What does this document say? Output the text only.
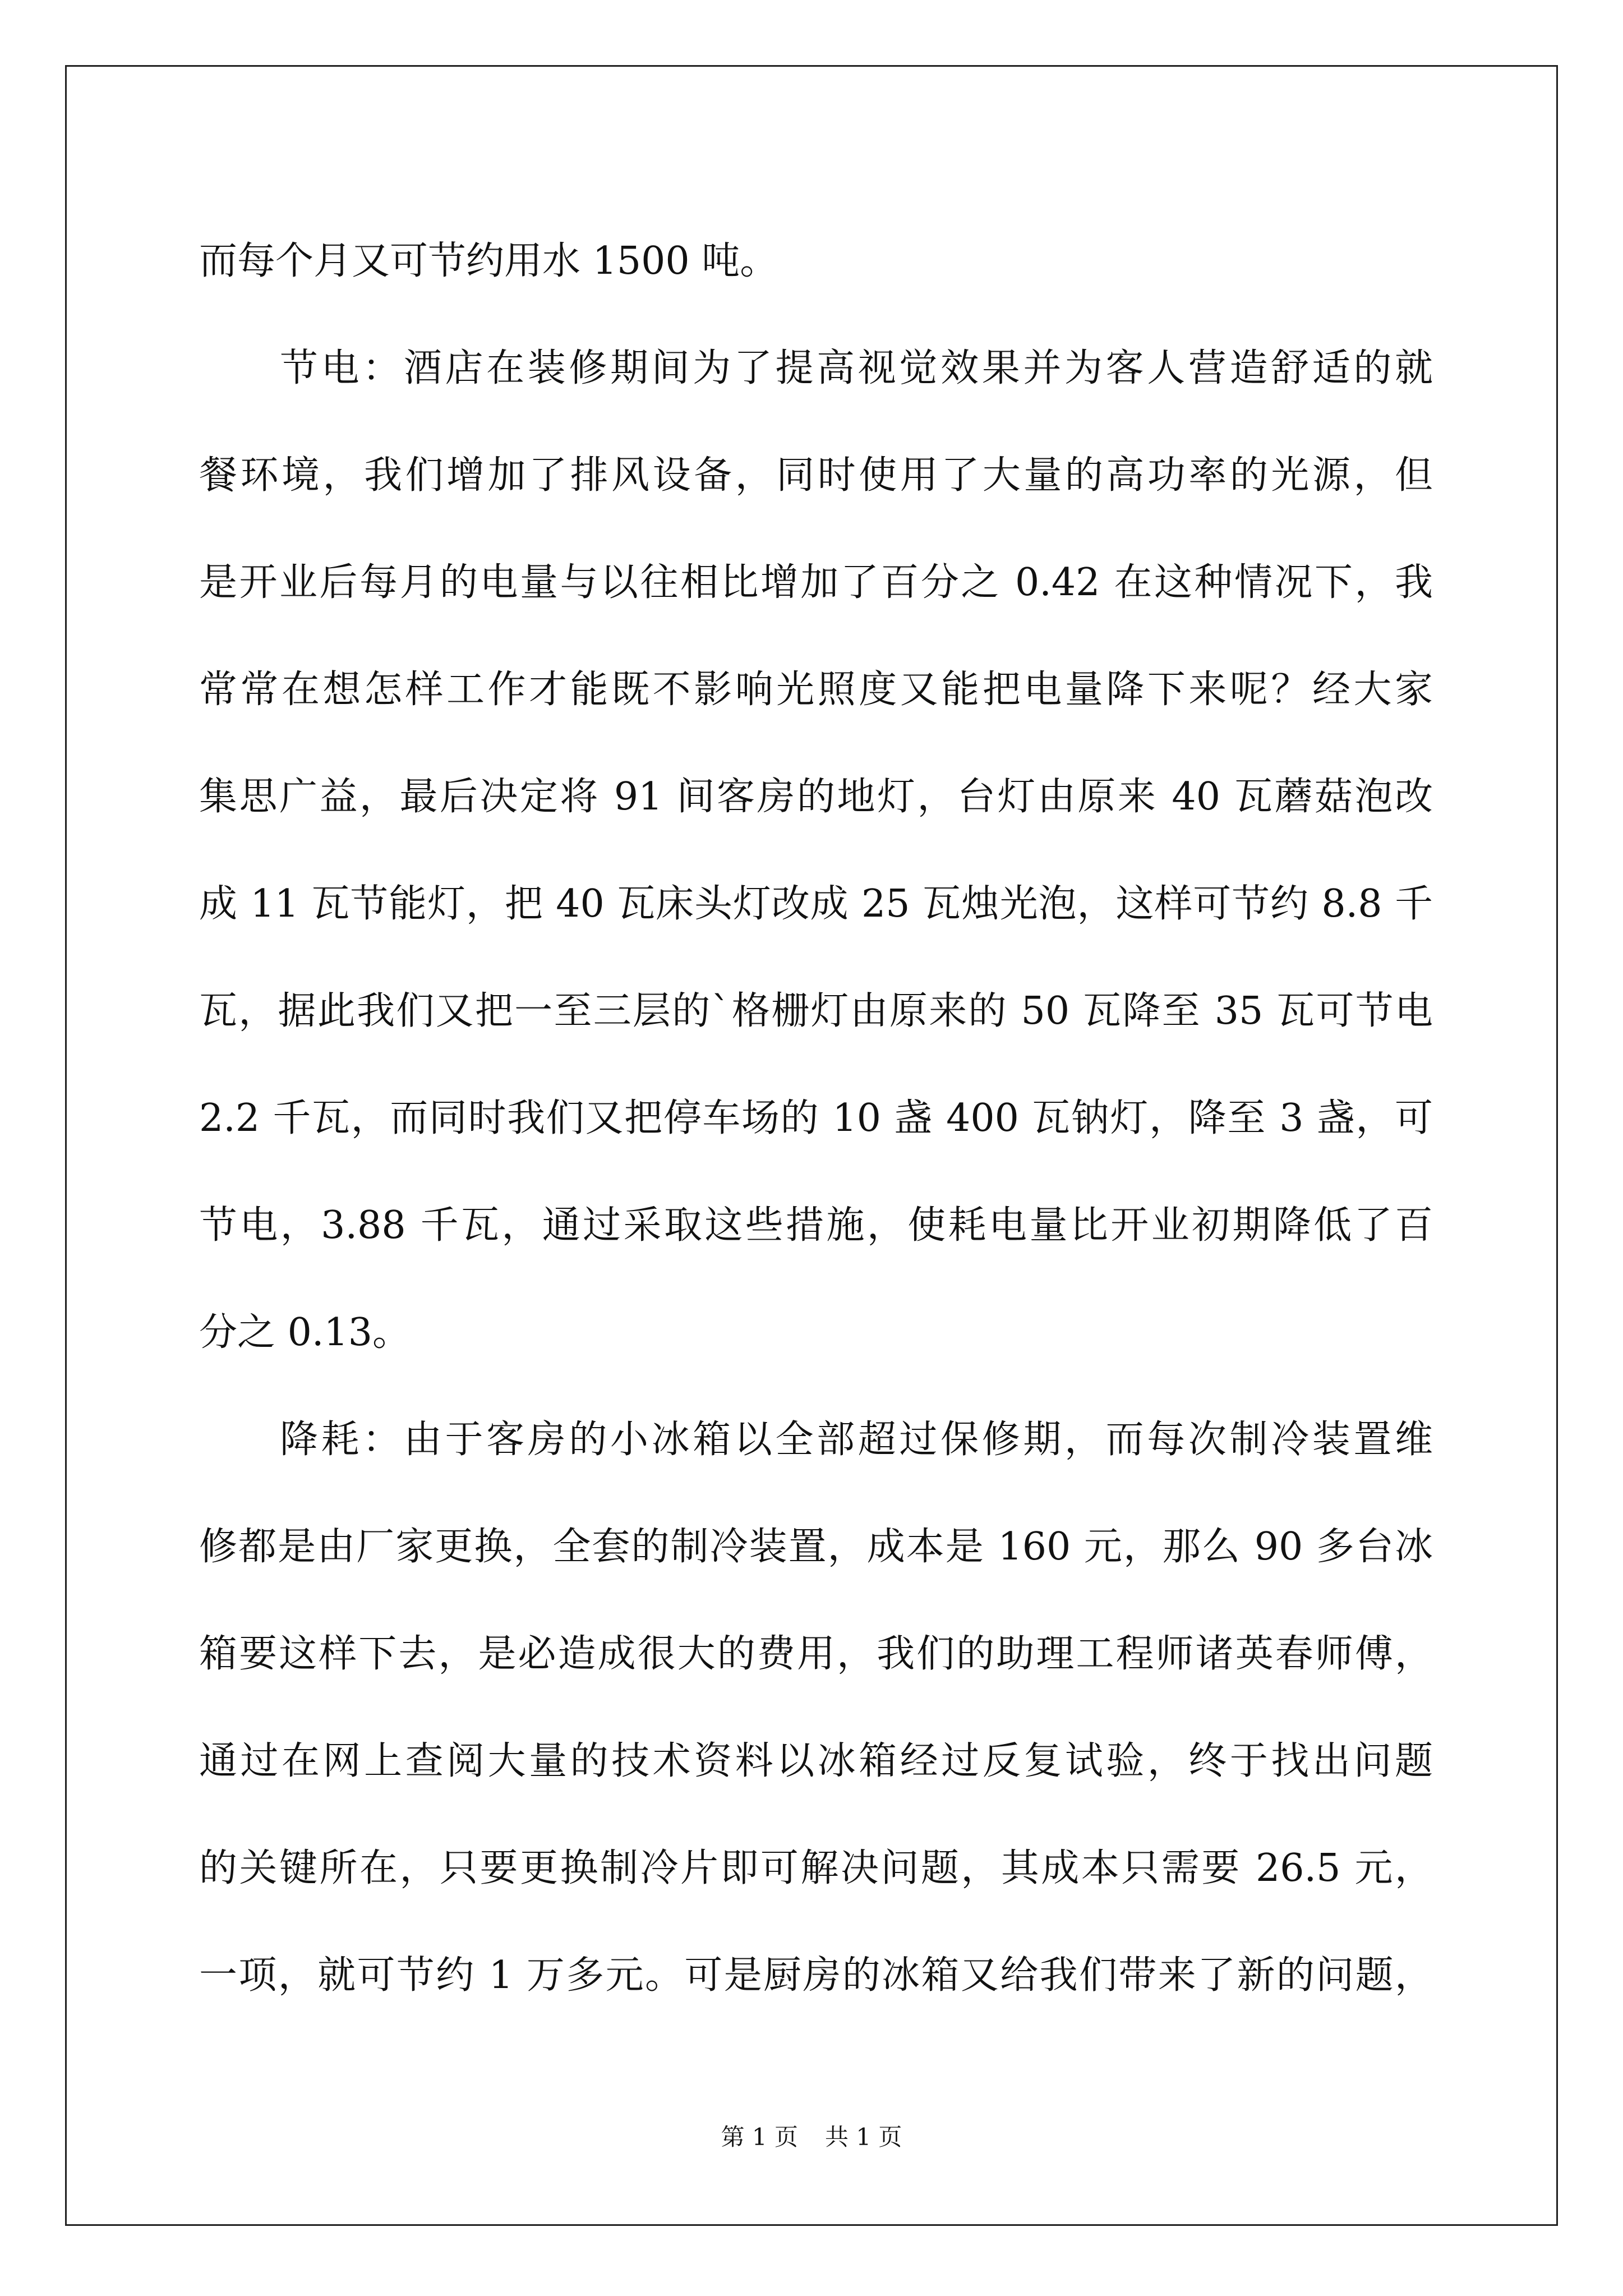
而每个月又可节约用水 1500 吨。
节电：酒店在装修期间为了提高视觉效果并为客人营造舒适的就
餐环境，我们增加了排风设备，同时使用了大量的高功率的光源，但
是开业后每月的电量与以往相比增加了百分之 0.42 在这种情况下，我
常常在想怎样工作才能既不影响光照度又能把电量降下来呢？经大家
集思广益，最后决定将 91 间客房的地灯，台灯由原来 40 瓦蘑菇泡改
成 11 瓦节能灯，把 40 瓦床头灯改成 25 瓦烛光泡，这样可节约 8.8 千
瓦，据此我们又把一至三层的`格栅灯由原来的 50 瓦降至 35 瓦可节电
2.2 千瓦，而同时我们又把停车场的 10 盏 400 瓦钠灯，降至 3 盏，可
节电，3.88 千瓦，通过采取这些措施，使耗电量比开业初期降低了百
分之 0.13。
降耗：由于客房的小冰箱以全部超过保修期，而每次制冷装置维
修都是由厂家更换，全套的制冷装置，成本是 160 元，那么 90 多台冰
箱要这样下去，是必造成很大的费用，我们的助理工程师诸英春师傅，
通过在网上查阅大量的技术资料以冰箱经过反复试验，终于找出问题
的关键所在，只要更换制冷片即可解决问题，其成本只需要 26.5 元，
一项，就可节约 1 万多元。可是厨房的冰箱又给我们带来了新的问题，
第 1 页 共 1 页
